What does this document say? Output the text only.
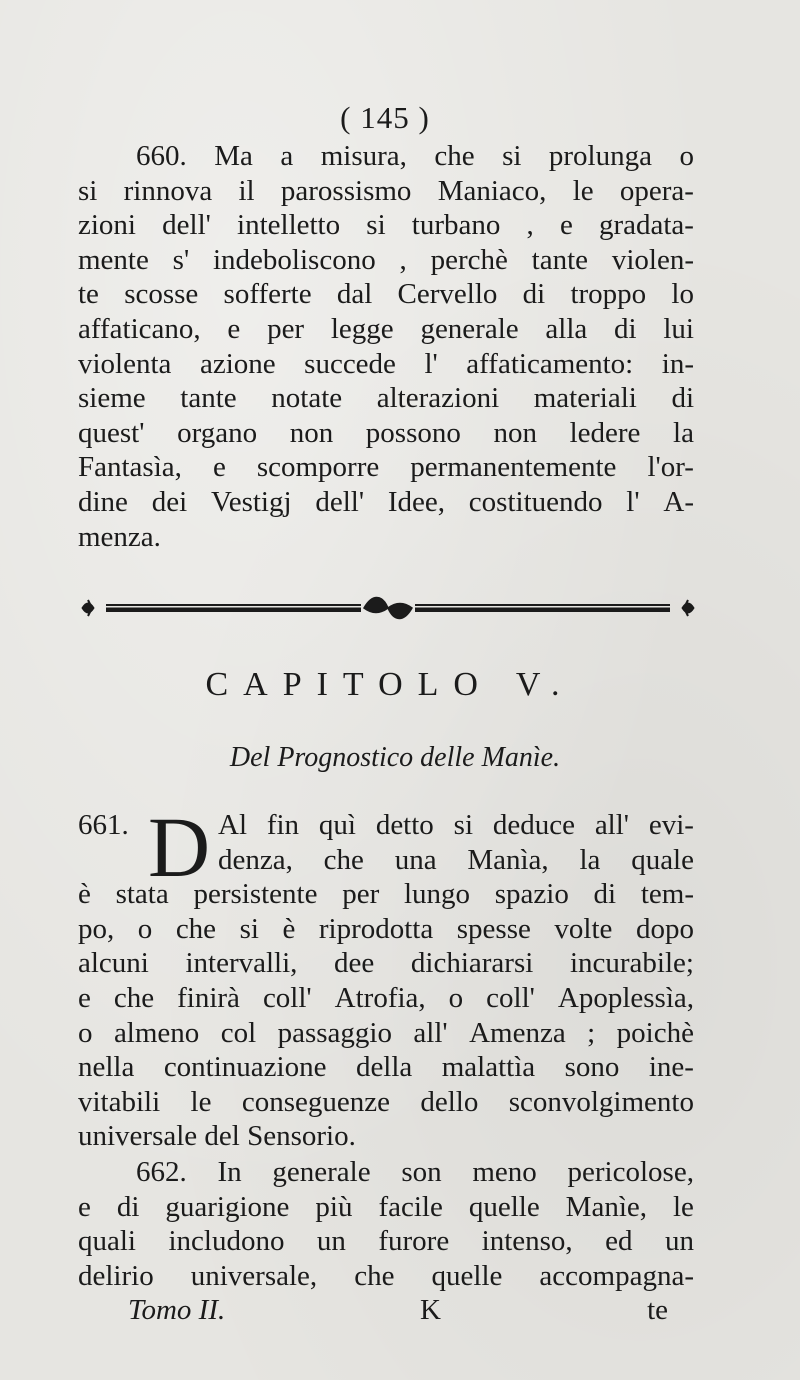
( 145 )
660. Ma a misura, che si prolunga o
si rinnova il parossismo Maniaco, le opera-
zioni dell' intelletto si turbano , e gradata-
mente s' indeboliscono , perchè tante violen-
te scosse sofferte dal Cervello di troppo lo
affaticano, e per legge generale alla di lui
violenta azione succede l' affaticamento: in-
sieme tante notate alterazioni materiali di
quest' organo non possono non ledere la
Fantasìa, e scomporre permanentemente l'or-
dine dei Vestigj dell' Idee, costituendo l' A-
menza.
CAPITOLO V.
Del Prognostico delle Manìe.
D
661.	Al fin quì detto si deduce all' evi-
denza, che una Manìa, la quale
è stata persistente per lungo spazio di tem-
po, o che si è riprodotta spesse volte dopo
alcuni intervalli, dee dichiararsi incurabile;
e che finirà coll' Atrofia, o coll' Apoplessìa,
o almeno col passaggio all' Amenza ; poichè
nella continuazione della malattìa sono ine-
vitabili le conseguenze dello sconvolgimento
universale del Sensorio.
662. In generale son meno pericolose,
e di guarigione più facile quelle Manìe, le
quali includono un furore intenso, ed un
delirio universale, che quelle accompagna-
Tomo II.	K	te
